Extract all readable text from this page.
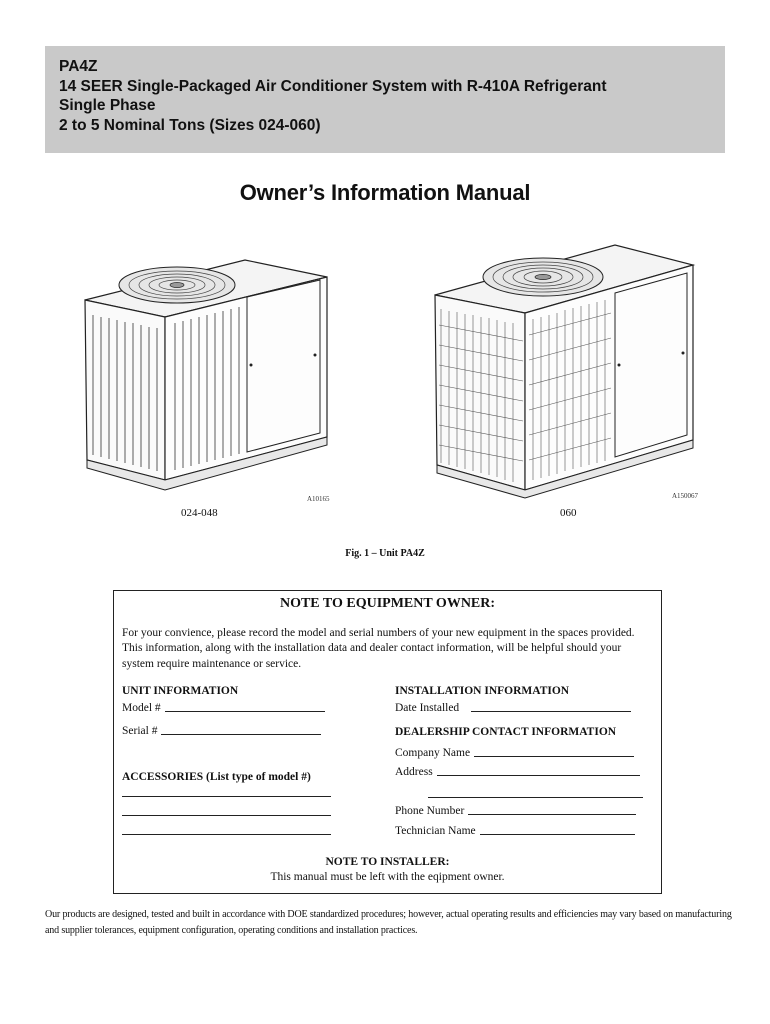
PA4Z
14 SEER Single-Packaged Air Conditioner System with R-410A Refrigerant
Single Phase
2 to 5 Nominal Tons (Sizes 024-060)
Owner’s Information Manual
A10165
024-048
A150067
060
Fig. 1 – Unit PA4Z
NOTE TO EQUIPMENT OWNER:
For your convience, please record the model and serial numbers of your new equipment in the spaces provided. This information, along with the installation data and dealer contact information, will be helpful should your system require maintenance or service.
UNIT INFORMATION
Model #
Serial #
ACCESSORIES (List type of model #)
INSTALLATION INFORMATION
Date Installed
DEALERSHIP CONTACT INFORMATION
Company Name
Address
Phone Number
Technician Name
NOTE TO INSTALLER:
This manual must be left with the eqipment owner.
Our products are designed, tested and built in accordance with DOE standardized procedures; however, actual operating results and efficiencies may vary based on manufacturing and supplier tolerances, equipment configuration, operating conditions and installation practices.
